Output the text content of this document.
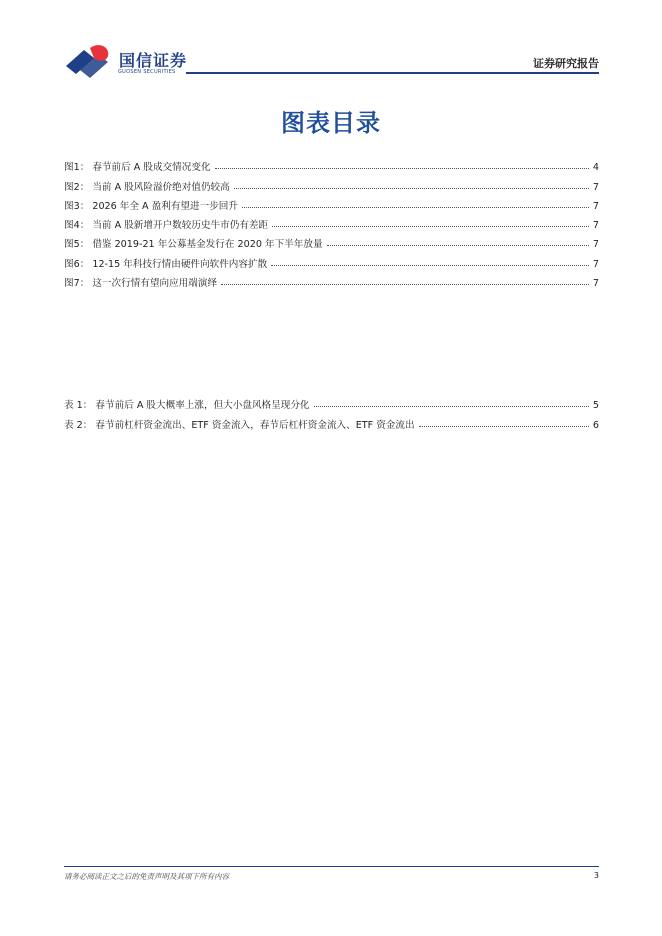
国信证券
GUOSEN SECURITIES
证券研究报告
图表目录
图1： 春节前后 A 股成交情况变化	4
图2： 当前 A 股风险溢价绝对值仍较高	7
图3： 2026 年全 A 盈利有望进一步回升	7
图4： 当前 A 股新增开户数较历史牛市仍有差距	7
图5： 借鉴 2019-21 年公募基金发行在 2020 年下半年放量	7
图6： 12-15 年科技行情由硬件向软件内容扩散	7
图7： 这一次行情有望向应用端演绎	7
表 1： 春节前后 A 股大概率上涨，但大小盘风格呈现分化	5
表 2： 春节前杠杆资金流出、ETF 资金流入，春节后杠杆资金流入、ETF 资金流出	6
请务必阅读正文之后的免责声明及其项下所有内容	3
